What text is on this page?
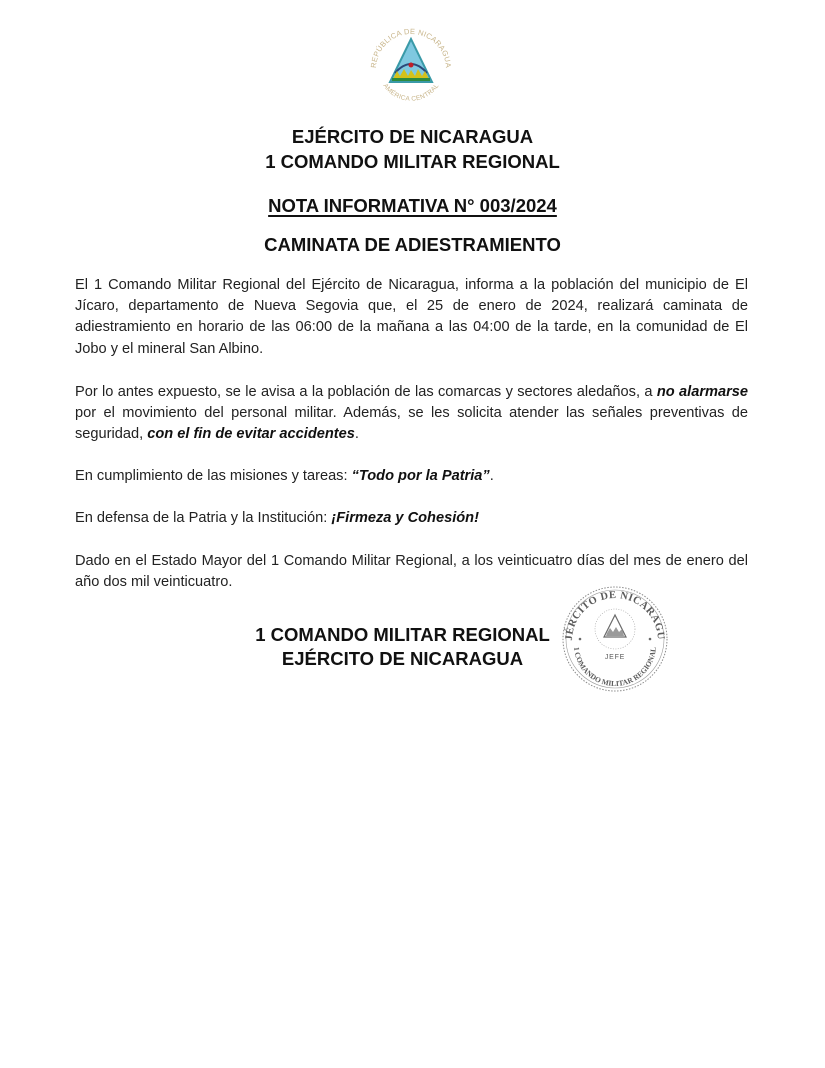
REPÚBLICA DE NICARAGUA
AMÉRICA CENTRAL
EJÉRCITO DE NICARAGUA
1 COMANDO MILITAR REGIONAL
NOTA INFORMATIVA N° 003/2024
CAMINATA DE ADIESTRAMIENTO
El 1 Comando Militar Regional del Ejército de Nicaragua, informa a la población del municipio de El Jícaro, departamento de Nueva Segovia que, el 25 de enero de 2024, realizará caminata de adiestramiento en horario de las 06:00 de la mañana a las 04:00 de la tarde, en la comunidad de El Jobo y el mineral San Albino.
Por lo antes expuesto, se le avisa a la población de las comarcas y sectores aledaños, a no alarmarse por el movimiento del personal militar. Además, se les solicita atender las señales preventivas de seguridad, con el fin de evitar accidentes.
En cumplimiento de las misiones y tareas: “Todo por la Patria”.
En defensa de la Patria y la Institución: ¡Firmeza y Cohesión!
Dado en el Estado Mayor del 1 Comando Militar Regional, a los veinticuatro días del mes de enero del año dos mil veinticuatro.
1 COMANDO MILITAR REGIONAL
EJÉRCITO DE NICARAGUA
JÉRCITO DE NICARAGU
1 COMANDO MILITAR REGIONAL
JEFE
